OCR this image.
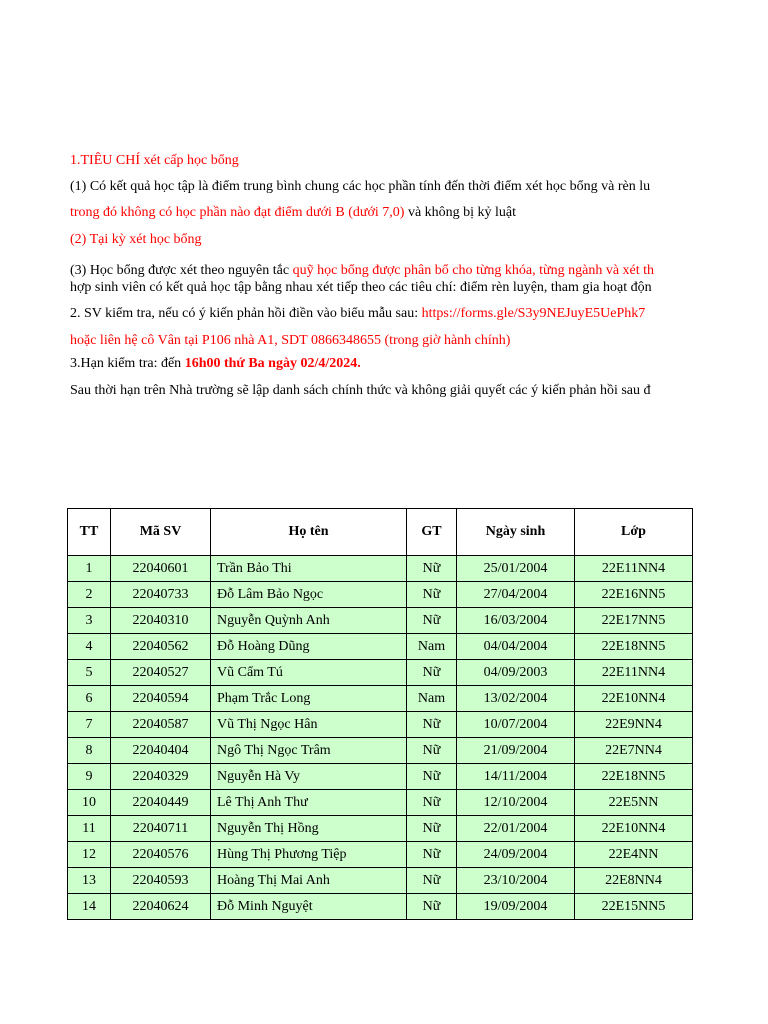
1.TIÊU CHÍ xét cấp học bổng
(1) Có kết quả học tập là điểm trung bình chung các học phần tính đến thời điểm xét học bổng và rèn lu
trong đó không có học phần nào đạt điểm dưới B (dưới 7,0) và không bị kỷ luật
(2) Tại kỳ xét học bổng
(3) Học bổng được xét theo nguyên tắc quỹ học bổng được phân bổ cho từng khóa, từng ngành và xét th
hợp sinh viên có kết quả học tập bằng nhau xét tiếp theo các tiêu chí: điểm rèn luyện, tham gia hoạt độn
2. SV kiểm tra, nếu có ý kiến phản hồi điền vào biểu mẫu sau: https://forms.gle/S3y9NEJuyE5UePhk7
hoặc liên hệ cô Vân tại P106 nhà A1, SDT 0866348655 (trong giờ hành chính)
3.Hạn kiểm tra: đến 16h00 thứ Ba ngày 02/4/2024.
Sau thời hạn trên Nhà trường sẽ lập danh sách chính thức và không giải quyết các ý kiến phản hồi sau đ
TT	Mã SV	Họ tên	GT	Ngày sinh	Lớp
1	22040601	Trần Bảo Thi	Nữ	25/01/2004	22E11NN4
2	22040733	Đỗ Lâm Bảo Ngọc	Nữ	27/04/2004	22E16NN5
3	22040310	Nguyễn Quỳnh Anh	Nữ	16/03/2004	22E17NN5
4	22040562	Đỗ Hoàng Dũng	Nam	04/04/2004	22E18NN5
5	22040527	Vũ Cẩm Tú	Nữ	04/09/2003	22E11NN4
6	22040594	Phạm Trắc Long	Nam	13/02/2004	22E10NN4
7	22040587	Vũ Thị Ngọc Hân	Nữ	10/07/2004	22E9NN4
8	22040404	Ngô Thị Ngọc Trâm	Nữ	21/09/2004	22E7NN4
9	22040329	Nguyễn Hà Vy	Nữ	14/11/2004	22E18NN5
10	22040449	Lê Thị Anh Thư	Nữ	12/10/2004	22E5NN
11	22040711	Nguyễn Thị Hồng	Nữ	22/01/2004	22E10NN4
12	22040576	Hùng Thị Phương Tiệp	Nữ	24/09/2004	22E4NN
13	22040593	Hoàng Thị Mai Anh	Nữ	23/10/2004	22E8NN4
14	22040624	Đỗ Minh Nguyệt	Nữ	19/09/2004	22E15NN5
